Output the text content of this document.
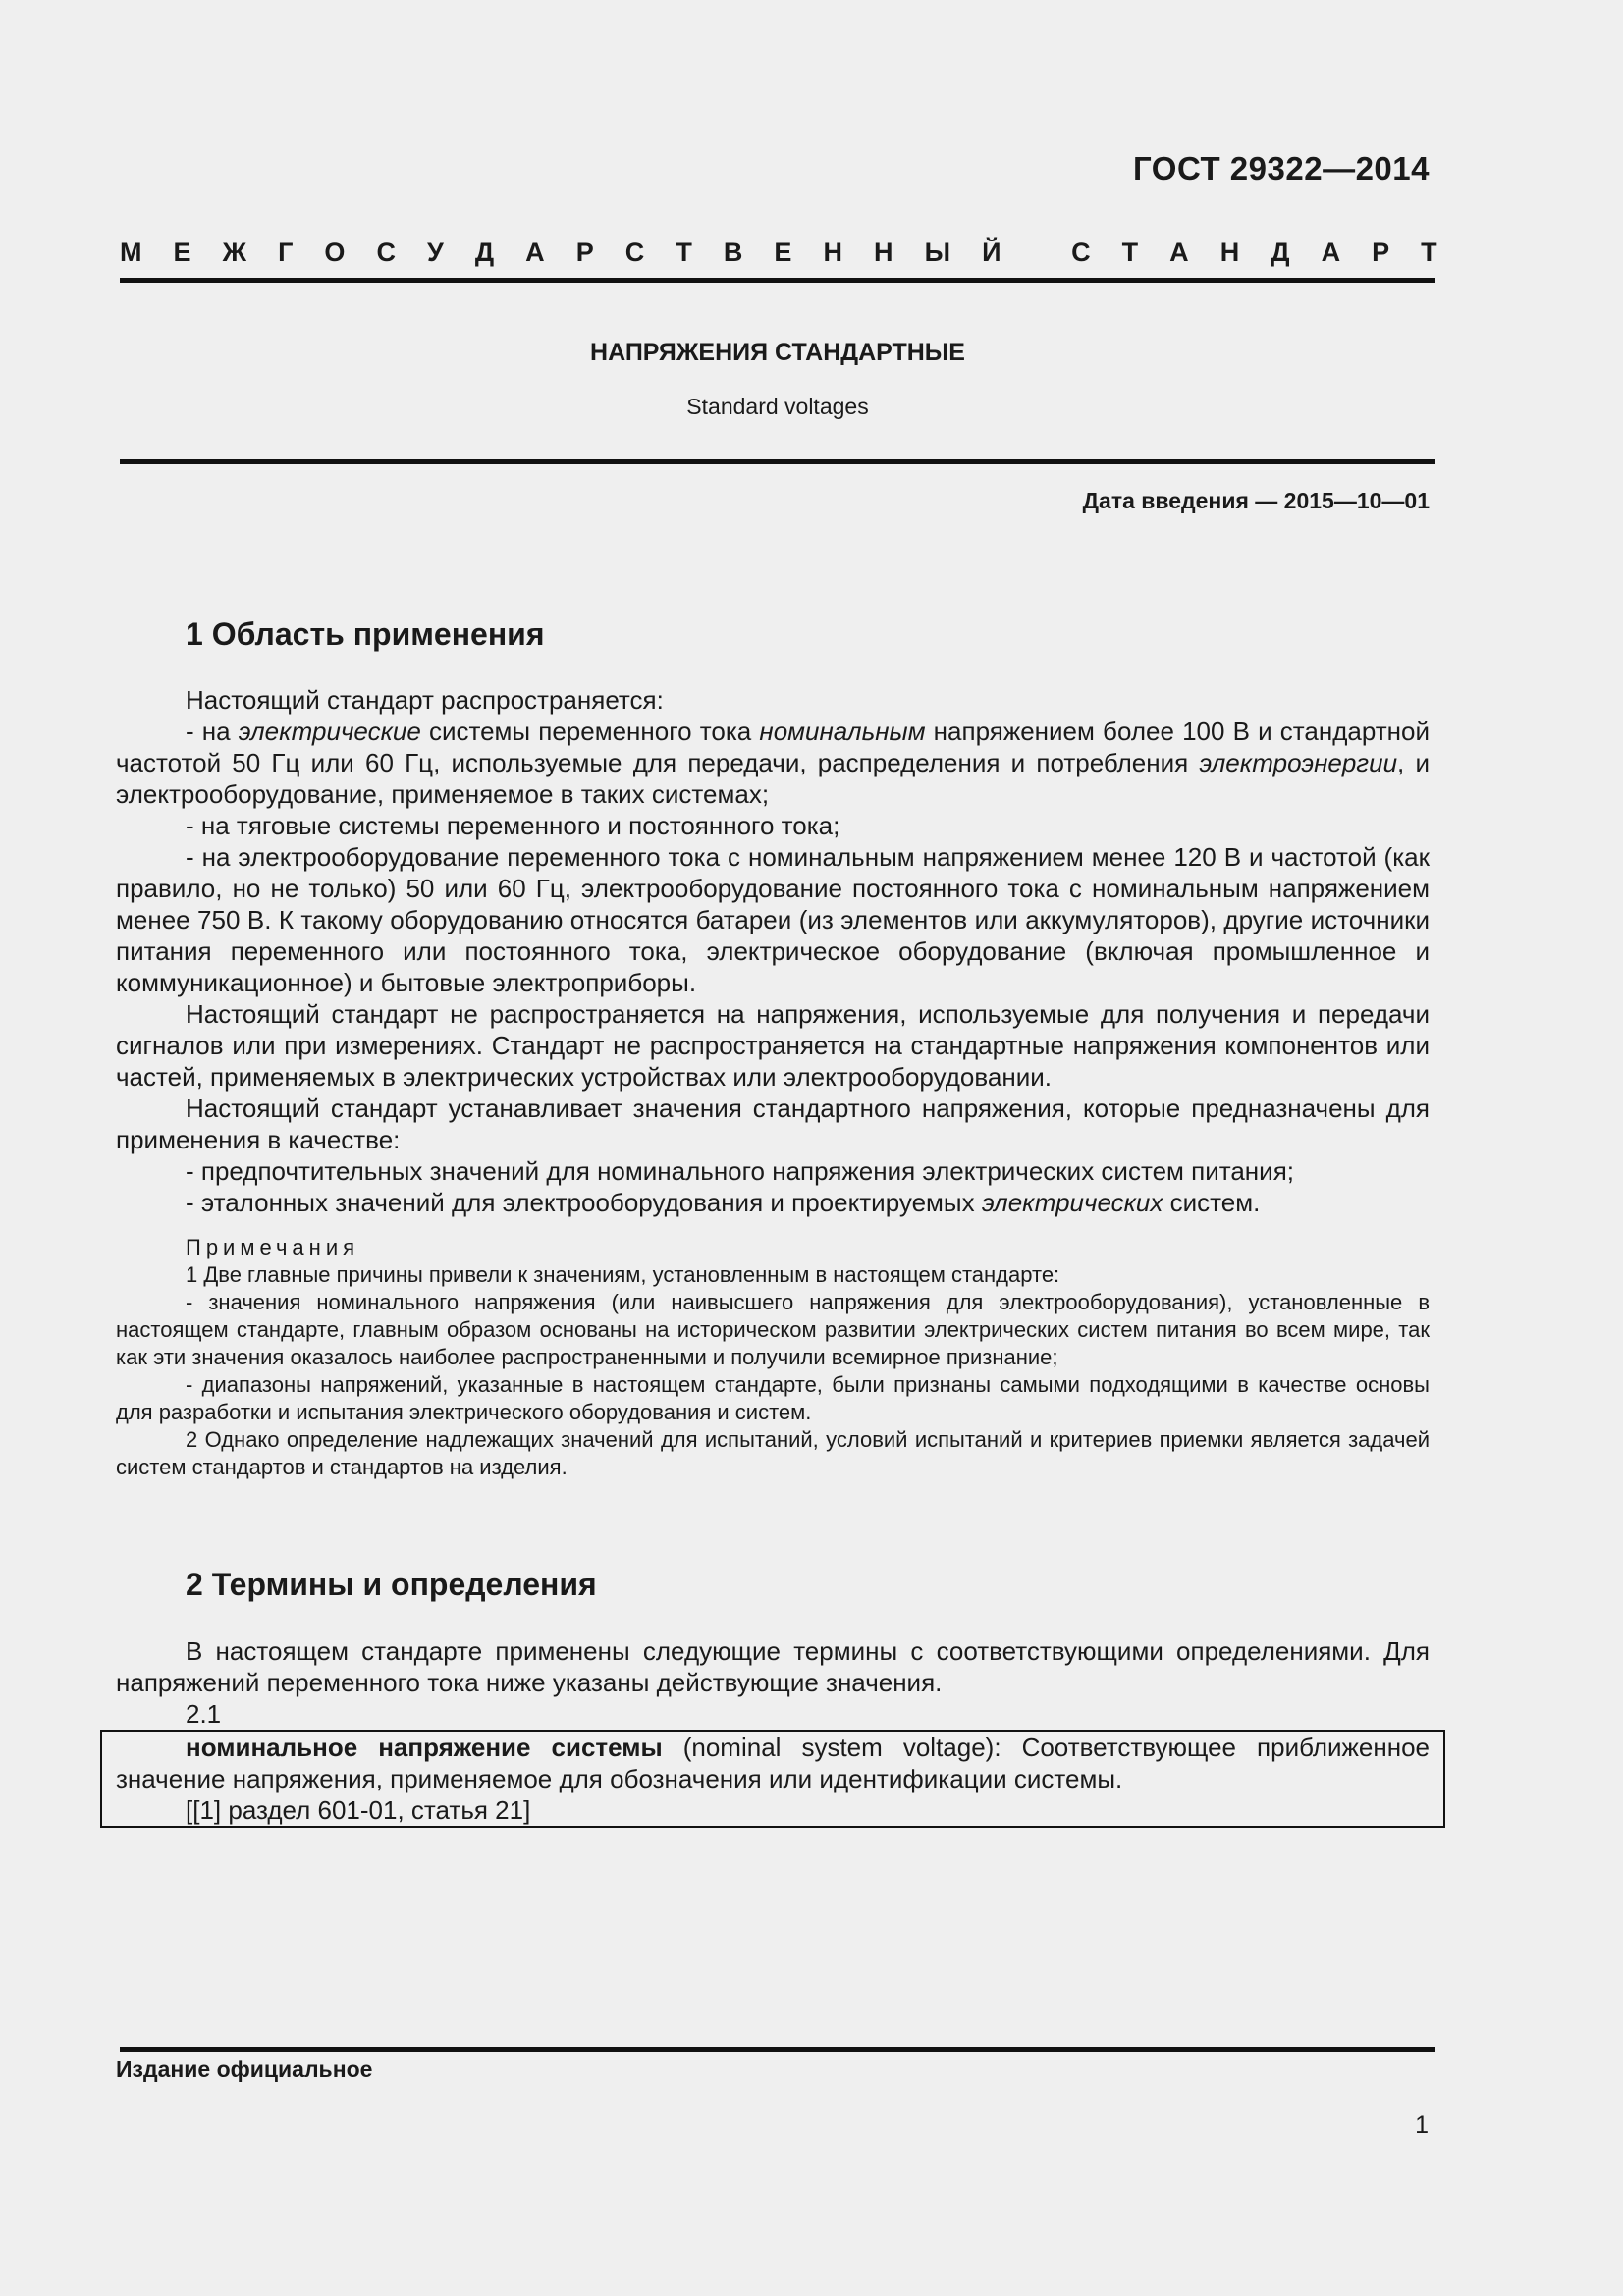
ГОСТ 29322—2014
М Е Ж Г О С У Д А Р С Т В Е Н Н Ы Й
	С Т А Н Д А Р Т
НАПРЯЖЕНИЯ СТАНДАРТНЫЕ
Standard voltages
Дата введения — 2015—10—01
1 Область применения

Настоящий стандарт распространяется:

- на электрические системы переменного тока номинальным напряжением более 100 В и стандартной частотой 50 Гц или 60 Гц, используемые для передачи, распределения и потребления электроэнергии, и электрооборудование, применяемое в таких системах;

- на тяговые системы переменного и постоянного тока;

- на электрооборудование переменного тока с номинальным напряжением менее 120 В и частотой (как правило, но не только) 50 или 60 Гц, электрооборудование постоянного тока с номинальным напряжением менее 750 В. К такому оборудованию относятся батареи (из элементов или аккумуляторов), другие источники питания переменного или постоянного тока, электрическое оборудование (включая промышленное и коммуникационное) и бытовые электроприборы.

Настоящий стандарт не распространяется на напряжения, используемые для получения и передачи сигналов или при измерениях. Стандарт не распространяется на стандартные напряжения компонентов или частей, применяемых в электрических устройствах или электрооборудовании.

Настоящий стандарт устанавливает значения стандартного напряжения, которые предназначены для применения в качестве:

- предпочтительных значений для номинального напряжения электрических систем питания;

- эталонных значений для электрооборудования и проектируемых электрических систем.

Примечания

1 Две главные причины привели к значениям, установленным в настоящем стандарте:

- значения номинального напряжения (или наивысшего напряжения для электрооборудования), установленные в настоящем стандарте, главным образом основаны на историческом развитии электрических систем питания во всем мире, так как эти значения оказалось наиболее распространенными и получили всемирное признание;

- диапазоны напряжений, указанные в настоящем стандарте, были признаны самыми подходящими в качестве основы для разработки и испытания электрического оборудования и систем.

2 Однако определение надлежащих значений для испытаний, условий испытаний и критериев приемки является задачей систем стандартов и стандартов на изделия.

2 Термины и определения

В настоящем стандарте применены следующие термины с соответствующими определениями. Для напряжений переменного тока ниже указаны действующие значения.

2.1

номинальное напряжение системы (nominal system voltage): Соответствующее приближенное значение напряжения, применяемое для обозначения или идентификации системы.

[[1] раздел 601-01, статья 21]

Издание официальное
1
